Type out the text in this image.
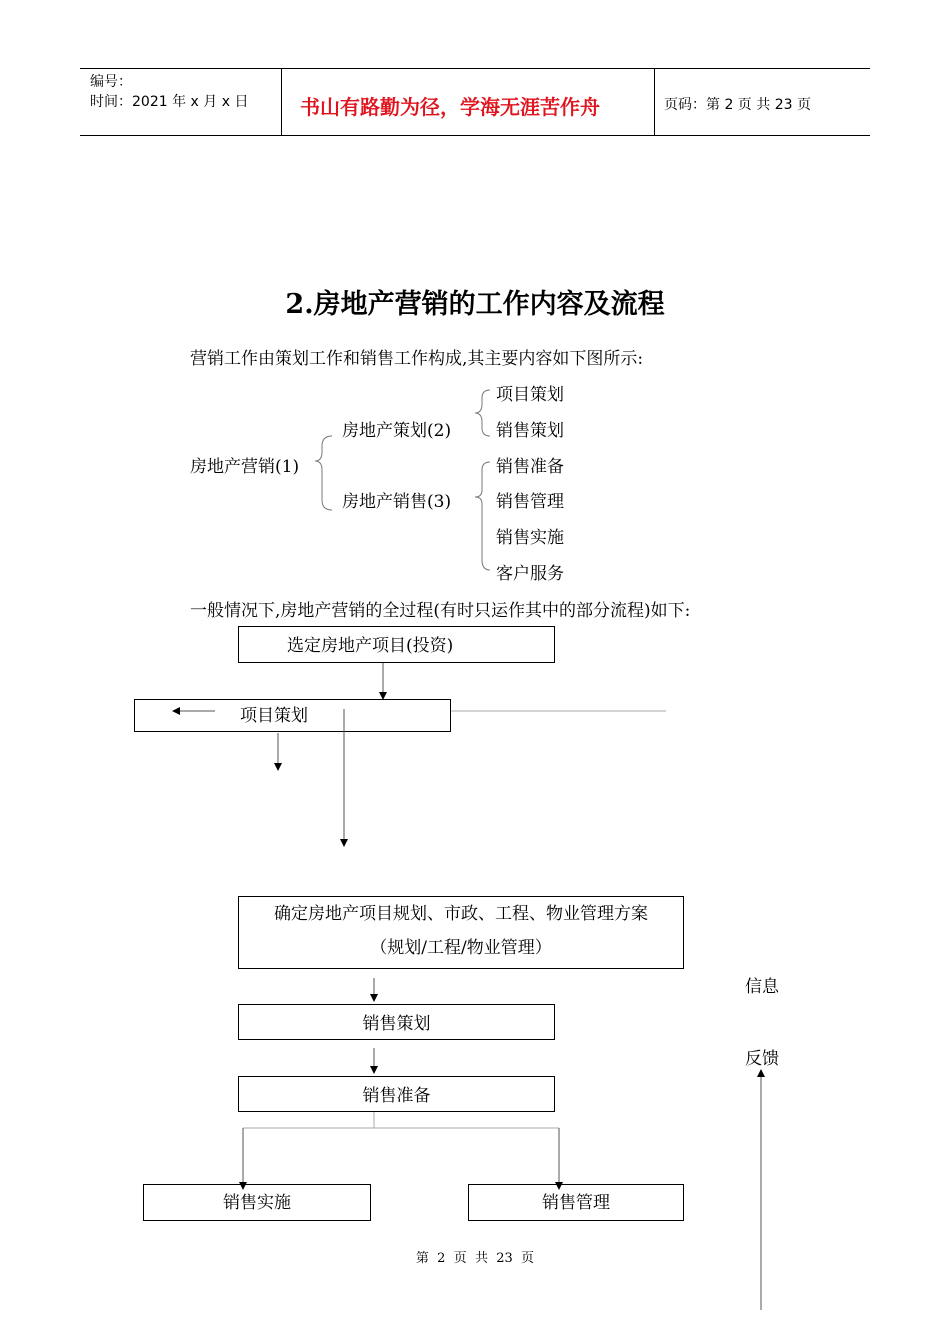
编号：
时间：2021 年 x 月 x 日	书山有路勤为径，学海无涯苦作舟	页码：第 2 页 共 23 页
2.房地产营销的工作内容及流程
营销工作由策划工作和销售工作构成,其主要内容如下图所示:
房地产营销(1)
房地产策划(2)
房地产销售(3)
项目策划
销售策划
销售准备
销售管理
销售实施
客户服务
一般情况下,房地产营销的全过程(有时只运作其中的部分流程)如下:
选定房地产项目(投资)
项目策划
确定房地产项目规划、市政、工程、物业管理方案
（规划/工程/物业管理）
销售策划
销售准备
销售实施	销售管理
信息
反馈
第  2  页  共  23  页
